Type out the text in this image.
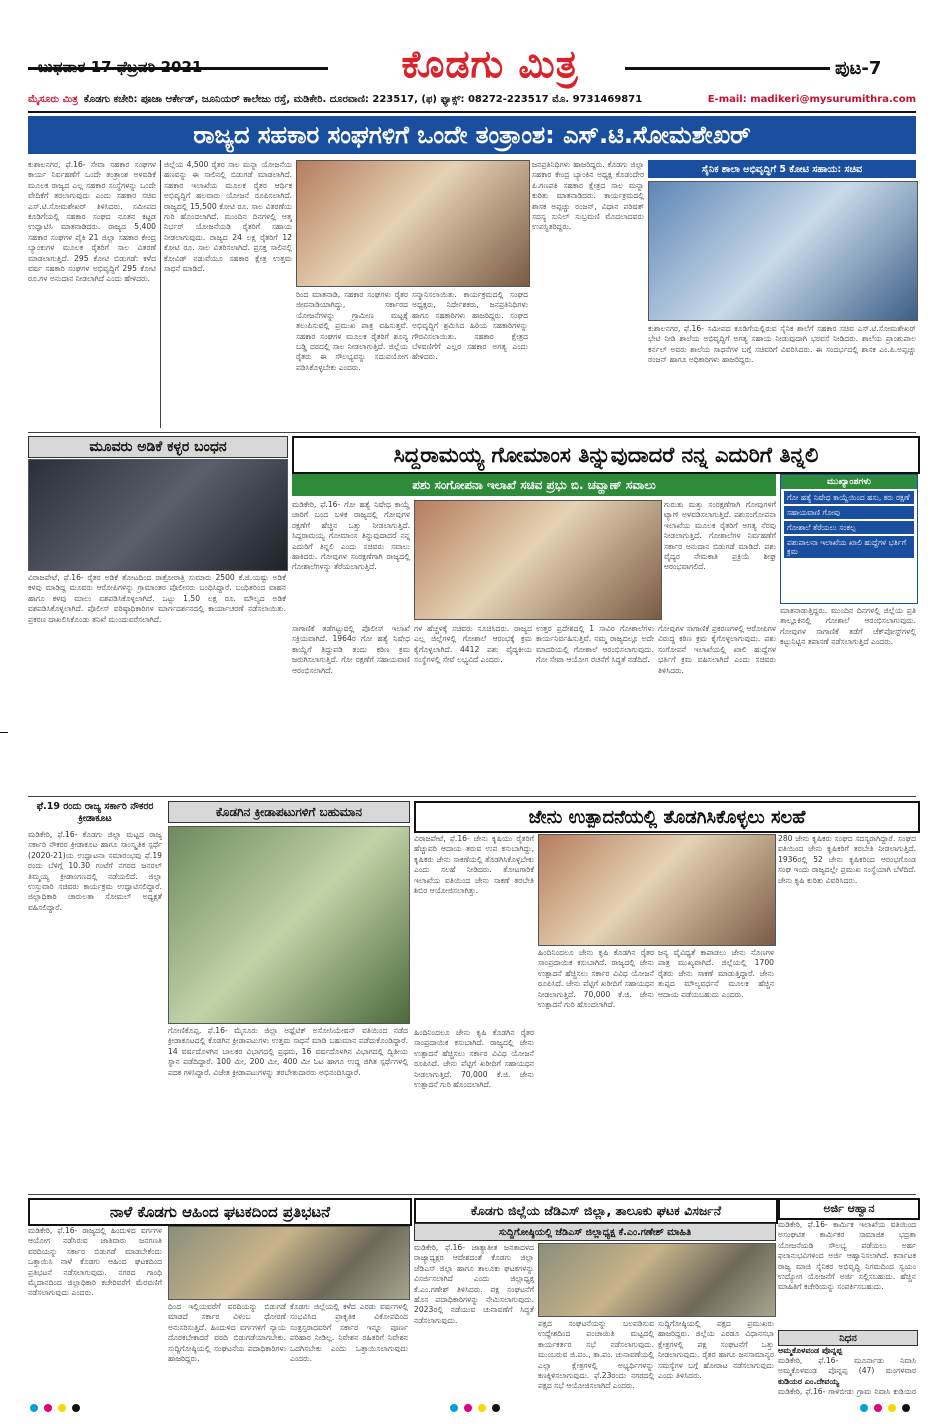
ಬುಧವಾರ 17 ಫೆಬ್ರವರಿ 2021	ಕೊಡಗು ಮಿತ್ರ	ಪುಟ-7
ಮೈಸೂರು ಮಿತ್ರ ಕೊಡಗು ಕಚೇರಿ: ಪೂಜಾ ಆರ್ಕೇಡ್, ಜೂನಿಯರ್ ಕಾಲೇಜು ರಸ್ತೆ, ಮಡಿಕೇರಿ. ದೂರವಾಣಿ: 223517, (ಫ) ಫ್ಯಾಕ್ಸ್: 08272-223517 ಮೊ. 9731469871	E-mail: madikeri@mysurumithra.com
ರಾಜ್ಯದ ಸಹಕಾರ ಸಂಘಗಳಿಗೆ ಒಂದೇ ತಂತ್ರಾಂಶ: ಎಸ್.ಟಿ.ಸೋಮಶೇಖರ್
ಕುಶಾಲನಗರ, ಫೆ.16- ಸೇವಾ ಸಹಕಾರ ಸಂಘಗಳ ಕಾರ್ಯ ನಿರ್ವಹಣೆಗೆ ಒಂದೇ ತಂತ್ರಾಂಶ ಅಳವಡಿಕೆ ಮೂಲಕ ರಾಜ್ಯದ ಎಲ್ಲ ಸಹಕಾರ ಸಂಸ್ಥೆಗಳನ್ನು ಒಂದೇ ವೇದಿಕೆಗೆ ತರಲಾಗುವುದು ಎಂದು ಸಹಕಾರ ಸಚಿವ ಎಸ್.ಟಿ.ಸೋಮಶೇಖರ್ ತಿಳಿಸಿದರು. ಸಮೀಪದ ಕೂಡಿಗೆಯಲ್ಲಿ ಸಹಕಾರ ಸಂಘದ ನೂತನ ಕಟ್ಟಡ ಉದ್ಘಾಟಿಸಿ ಮಾತನಾಡಿದರು. ರಾಜ್ಯದ 5,400 ಸಹಕಾರ ಸಂಘಗಳ ಪೈಕಿ 21 ಜಿಲ್ಲಾ ಸಹಕಾರ ಕೇಂದ್ರ ಬ್ಯಾಂಕುಗಳ ಮೂಲಕ ರೈತರಿಗೆ ಸಾಲ ವಿತರಣೆ ಮಾಡಲಾಗುತ್ತಿದೆ. 295 ಕೋಟಿ ಬಿಡುಗಡೆ: ಕಳೆದ ವರ್ಷ ಸಹಕಾರಿ ಸಂಘಗಳ ಅಭಿವೃದ್ಧಿಗೆ 295 ಕೋಟಿ ರೂ.ಗಳ ಅನುದಾನ ನೀಡಲಾಗಿದೆ ಎಂದು ಹೇಳಿದರು.
ಜಿಲ್ಲೆಯ 4,500 ರೈತರ ಸಾಲ ಮನ್ನಾ ಯೋಜನೆಯ ಹಣವನ್ನು ಈ ಸಾಲಿನಲ್ಲಿ ಬಿಡುಗಡೆ ಮಾಡಲಾಗಿದೆ. ಸಹಕಾರ ಇಲಾಖೆಯ ಮೂಲಕ ರೈತರ ಆರ್ಥಿಕ ಅಭಿವೃದ್ಧಿಗೆ ಹಲವಾರು ಯೋಜನೆ ರೂಪಿಸಲಾಗಿದೆ. ರಾಜ್ಯದಲ್ಲಿ 15,500 ಕೋಟಿ ರೂ. ಸಾಲ ವಿತರಣೆಯ ಗುರಿ ಹೊಂದಲಾಗಿದೆ. ಮುಂದಿನ ದಿನಗಳಲ್ಲಿ ಆತ್ಮ ನಿರ್ಭರ್ ಯೋಜನೆಯಡಿ ರೈತರಿಗೆ ಸಹಾಯ ನೀಡಲಾಗುವುದು. ರಾಜ್ಯದ 24 ಲಕ್ಷ ರೈತರಿಗೆ 12 ಕೋಟಿ ರೂ. ಸಾಲ ವಿತರಿಸಲಾಗಿದೆ. ಪ್ರಸಕ್ತ ಸಾಲಿನಲ್ಲಿ ಕೋವಿಡ್ ನಡುವೆಯೂ ಸಹಕಾರ ಕ್ಷೇತ್ರ ಉತ್ತಮ ಸಾಧನೆ ಮಾಡಿದೆ.
ರಿಂದ ಮಾತನಾಡಿ, ಸಹಕಾರ ಸಂಘಗಳು ರೈತರ ಜೀವನಾಡಿಯಾಗಿದ್ದು, ಸರ್ಕಾರದ ಯೋಜನೆಗಳನ್ನು ಗ್ರಾಮೀಣ ಮಟ್ಟಕ್ಕೆ ತಲುಪಿಸುವಲ್ಲಿ ಪ್ರಮುಖ ಪಾತ್ರ ವಹಿಸುತ್ತವೆ. ಸಹಕಾರ ಸಂಘಗಳ ಮೂಲಕ ರೈತರಿಗೆ ಶೂನ್ಯ ಬಡ್ಡಿ ದರದಲ್ಲಿ ಸಾಲ ನೀಡಲಾಗುತ್ತಿದೆ. ಜಿಲ್ಲೆಯ ರೈತರು ಈ ಸೌಲಭ್ಯವನ್ನು ಸದುಪಯೋಗ ಪಡಿಸಿಕೊಳ್ಳಬೇಕು ಎಂದರು.
ಸನ್ಮಾನಿಸಲಾಯಿತು. ಕಾರ್ಯಕ್ರಮದಲ್ಲಿ ಸಂಘದ ಅಧ್ಯಕ್ಷರು, ನಿರ್ದೇಶಕರು, ಜನಪ್ರತಿನಿಧಿಗಳು ಹಾಗೂ ಸಹಕಾರಿಗಳು ಹಾಜರಿದ್ದರು. ಸಂಘದ ಅಭಿವೃದ್ಧಿಗೆ ಶ್ರಮಿಸಿದ ಹಿರಿಯ ಸಹಕಾರಿಗಳನ್ನು ಗೌರವಿಸಲಾಯಿತು. ಸಹಕಾರ ಕ್ಷೇತ್ರದ ಬೆಳವಣಿಗೆಗೆ ಎಲ್ಲರ ಸಹಕಾರ ಅಗತ್ಯ ಎಂದು ಹೇಳಿದರು.
ಜನಪ್ರತಿನಿಧಿಗಳು ಹಾಜರಿದ್ದರು. ಕೊಡಗು ಜಿಲ್ಲಾ ಸಹಕಾರ ಕೇಂದ್ರ ಬ್ಯಾಂಕಿನ ಅಧ್ಯಕ್ಷ ಕೊಡಂದೇರ ಪಿ.ಗಣಪತಿ ಸಹಕಾರ ಕ್ಷೇತ್ರದ ಸಾಲ ಮನ್ನಾ ಕುರಿತು ಮಾತನಾಡಿದರು. ಕಾರ್ಯಕ್ರಮದಲ್ಲಿ ಶಾಸಕ ಅಪ್ಪಚ್ಚು ರಂಜನ್, ವಿಧಾನ ಪರಿಷತ್ ಸದಸ್ಯ ಸುನಿಲ್ ಸುಬ್ರಮಣಿ ಮೊದಲಾದವರು ಉಪಸ್ಥಿತರಿದ್ದರು.
ಸೈನಿಕ ಶಾಲಾ ಅಭಿವೃದ್ಧಿಗೆ 5 ಕೋಟಿ ಸಹಾಯ: ಸಚಿವ
ಕುಶಾಲನಗರ, ಫೆ.16- ಸಮೀಪದ ಕೂಡಿಗೆಯಲ್ಲಿರುವ ಸೈನಿಕ ಶಾಲೆಗೆ ಸಹಕಾರ ಸಚಿವ ಎಸ್.ಟಿ.ಸೋಮಶೇಖರ್ ಭೇಟಿ ನೀಡಿ ಶಾಲೆಯ ಅಭಿವೃದ್ಧಿಗೆ ಅಗತ್ಯ ಸಹಾಯ ನೀಡುವುದಾಗಿ ಭರವಸೆ ನೀಡಿದರು. ಶಾಲೆಯ ಪ್ರಾಂಶುಪಾಲ ಕರ್ನಲ್ ಅವರು ಶಾಲೆಯ ಸಾಧನೆಗಳ ಬಗ್ಗೆ ಸಚಿವರಿಗೆ ವಿವರಿಸಿದರು. ಈ ಸಂದರ್ಭದಲ್ಲಿ ಶಾಸಕ ಎಂ.ಪಿ.ಅಪ್ಪಚ್ಚು ರಂಜನ್ ಹಾಗೂ ಅಧಿಕಾರಿಗಳು ಹಾಜರಿದ್ದರು.
ಮೂವರು ಅಡಿಕೆ ಕಳ್ಳರ ಬಂಧನ
ವಿರಾಜಪೇಟೆ, ಫೆ.16- ರೈತರ ಅಡಿಕೆ ತೋಟದಿಂದ ರಾತ್ರೋರಾತ್ರಿ ಸುಮಾರು 2500 ಕೆ.ಜಿ.ಯಷ್ಟು ಅಡಿಕೆ ಕಳವು ಮಾಡಿದ್ದ ಮೂವರು ಆರೋಪಿಗಳನ್ನು ಗ್ರಾಮಾಂತರ ಪೊಲೀಸರು ಬಂಧಿಸಿದ್ದಾರೆ. ಬಂಧಿತರಿಂದ ವಾಹನ ಹಾಗೂ ಕಳವು ಮಾಲು ವಶಪಡಿಸಿಕೊಳ್ಳಲಾಗಿದೆ. ಒಟ್ಟು 1.50 ಲಕ್ಷ ರೂ. ಮೌಲ್ಯದ ಅಡಿಕೆ ವಶಪಡಿಸಿಕೊಳ್ಳಲಾಗಿದೆ. ಪೊಲೀಸ್ ವರಿಷ್ಠಾಧಿಕಾರಿಗಳ ಮಾರ್ಗದರ್ಶನದಲ್ಲಿ ಕಾರ್ಯಾಚರಣೆ ನಡೆಸಲಾಯಿತು. ಪ್ರಕರಣ ದಾಖಲಿಸಿಕೊಂಡು ತನಿಖೆ ಮುಂದುವರೆಸಲಾಗಿದೆ.
ಸಿದ್ದರಾಮಯ್ಯ ಗೋಮಾಂಸ ತಿನ್ನುವುದಾದರೆ ನನ್ನ ಎದುರಿಗೆ ತಿನ್ನಲಿ
ಪಶು ಸಂಗೋಪನಾ ಇಲಾಖೆ ಸಚಿವ ಪ್ರಭು ಬಿ. ಚವ್ಹಾಣ್ ಸವಾಲು	ಮುಖ್ಯಾಂಶಗಳು
ಗೋ ಹತ್ಯೆ ನಿಷೇಧ ಕಾಯ್ದೆಯಿಂದ ಹಸು, ಕರು ರಕ್ಷಣೆ
ಸಹಾಯವಾಣಿ ಗೋವು
ಗೋಶಾಲೆ ತೆರೆಯಲು ಸಂಕಲ್ಪ
ಪಶುಪಾಲನಾ ಇಲಾಖೆಯ ಖಾಲಿ ಹುದ್ದೆಗಳ ಭರ್ತಿಗೆ ಕ್ರಮ
ಮಡಿಕೇರಿ, ಫೆ.16- ಗೋ ಹತ್ಯೆ ನಿಷೇಧ ಕಾಯ್ದೆ ಜಾರಿಗೆ ಬಂದ ಬಳಿಕ ರಾಜ್ಯದಲ್ಲಿ ಗೋವುಗಳ ರಕ್ಷಣೆಗೆ ಹೆಚ್ಚಿನ ಒತ್ತು ನೀಡಲಾಗುತ್ತಿದೆ. ಸಿದ್ದರಾಮಯ್ಯ ಗೋಮಾಂಸ ತಿನ್ನುವುದಾದರೆ ನನ್ನ ಎದುರಿಗೆ ತಿನ್ನಲಿ ಎಂದು ಸಚಿವರು ಸವಾಲು ಹಾಕಿದರು. ಗೋವುಗಳ ಸಂರಕ್ಷಣೆಗಾಗಿ ರಾಜ್ಯದಲ್ಲಿ ಗೋಶಾಲೆಗಳನ್ನು ತೆರೆಯಲಾಗುತ್ತಿದೆ.
ಗುರುತು ಮತ್ತು ಸಂರಕ್ಷಣೆಗಾಗಿ ಗೋವುಗಳಿಗೆ ಟ್ಯಾಗ್ ಅಳವಡಿಸಲಾಗುತ್ತಿದೆ. ಪಶುಸಂಗೋಪನಾ ಇಲಾಖೆಯ ಮೂಲಕ ರೈತರಿಗೆ ಅಗತ್ಯ ನೆರವು ನೀಡಲಾಗುತ್ತಿದೆ. ಗೋಶಾಲೆಗಳ ನಿರ್ವಹಣೆಗೆ ಸರ್ಕಾರ ಅನುದಾನ ಬಿಡುಗಡೆ ಮಾಡಿದೆ. ಪಶು ವೈದ್ಯರ ನೇಮಕಾತಿ ಪ್ರಕ್ರಿಯೆ ಶೀಘ್ರ ಆರಂಭವಾಗಲಿದೆ.
ಮಾತನಾಡುತ್ತಿದ್ದರು. ಮುಂದಿನ ದಿನಗಳಲ್ಲಿ ಜಿಲ್ಲೆಯ ಪ್ರತಿ ತಾಲ್ಲೂಕಿನಲ್ಲಿ ಗೋಶಾಲೆ ಆರಂಭಿಸಲಾಗುವುದು. ಗೋವುಗಳ ಸಾಗಾಣಿಕೆ ತಡೆಗೆ ಚೆಕ್‌ಪೋಸ್ಟ್‌ಗಳಲ್ಲಿ ಕಟ್ಟುನಿಟ್ಟಿನ ತಪಾಸಣೆ ನಡೆಸಲಾಗುತ್ತಿದೆ ಎಂದರು.
ಸಾಗಾಣಿಕೆ ತಡೆಗಟ್ಟುವಲ್ಲಿ ಪೊಲೀಸ್ ಇಲಾಖೆ ಸಕ್ರಿಯವಾಗಿದೆ. 1964ರ ಗೋ ಹತ್ಯೆ ನಿಷೇಧ ಕಾಯ್ದೆಗೆ ತಿದ್ದುಪಡಿ ತಂದು ಕಠಿಣ ಕ್ರಮ ಜರುಗಿಸಲಾಗುತ್ತಿದೆ. ಗೋ ರಕ್ಷಣೆಗೆ ಸಹಾಯವಾಣಿ ಆರಂಭಿಸಲಾಗಿದೆ.
ಗಳ ಹೆಚ್ಚಳಕ್ಕೆ ಸಚಿವರು ಸೂಚಿಸಿದರು. ರಾಜ್ಯದ ಎಲ್ಲ ಜಿಲ್ಲೆಗಳಲ್ಲಿ ಗೋಶಾಲೆ ಆರಂಭಕ್ಕೆ ಕ್ರಮ ಕೈಗೊಳ್ಳಲಾಗಿದೆ. 4412 ಪಶು ವೈದ್ಯಕೀಯ ಸಂಸ್ಥೆಗಳಲ್ಲಿ ಸೇವೆ ಲಭ್ಯವಿದೆ ಎಂದರು.
ಉತ್ತರ ಪ್ರದೇಶದಲ್ಲಿ 1 ಸಾವಿರ ಗೋಶಾಲೆಗಳು ಕಾರ್ಯನಿರ್ವಹಿಸುತ್ತಿವೆ. ನಮ್ಮ ರಾಜ್ಯದಲ್ಲೂ ಅದೇ ಮಾದರಿಯಲ್ಲಿ ಗೋಶಾಲೆ ಆರಂಭಿಸಲಾಗುವುದು. ಗೋ ಸೇವಾ ಆಯೋಗ ರಚನೆಗೆ ಸಿದ್ಧತೆ ನಡೆದಿದೆ.
ಗೋವುಗಳ ಸಾಗಾಣಿಕೆ ಪ್ರಕರಣಗಳಲ್ಲಿ ಆರೋಪಿಗಳ ವಿರುದ್ಧ ಕಠಿಣ ಕ್ರಮ ಕೈಗೊಳ್ಳಲಾಗುವುದು. ಪಶು ಸಂಗೋಪನೆ ಇಲಾಖೆಯಲ್ಲಿ ಖಾಲಿ ಹುದ್ದೆಗಳ ಭರ್ತಿಗೆ ಕ್ರಮ ವಹಿಸಲಾಗಿದೆ ಎಂದು ಸಚಿವರು ತಿಳಿಸಿದರು.
ಫೆ.19 ರಂದು ರಾಜ್ಯ ಸರ್ಕಾರಿ ನೌಕರರ ಕ್ರೀಡಾಕೂಟ
ಮಡಿಕೇರಿ, ಫೆ.16- ಕೊಡಗು ಜಿಲ್ಲಾ ಮಟ್ಟದ ರಾಜ್ಯ ಸರ್ಕಾರಿ ನೌಕರರ ಕ್ರೀಡಾಕೂಟ ಹಾಗೂ ಸಾಂಸ್ಕೃತಿಕ ಸ್ಪರ್ಧೆ (2020-21)ಯ ಉದ್ಘಾಟನಾ ಸಮಾರಂಭವು ಫೆ.19 ರಂದು ಬೆಳಿಗ್ಗೆ 10.30 ಗಂಟೆಗೆ ನಗರದ ಜನರಲ್ ತಿಮ್ಮಯ್ಯ ಕ್ರೀಡಾಂಗಣದಲ್ಲಿ ನಡೆಯಲಿದೆ. ಜಿಲ್ಲಾ ಉಸ್ತುವಾರಿ ಸಚಿವರು ಕಾರ್ಯಕ್ರಮ ಉದ್ಘಾಟಿಸಲಿದ್ದಾರೆ. ಜಿಲ್ಲಾಧಿಕಾರಿ ಚಾರುಲತಾ ಸೋಮಲ್ ಅಧ್ಯಕ್ಷತೆ ವಹಿಸಲಿದ್ದಾರೆ.
ಕೊಡಗಿನ ಕ್ರೀಡಾಪಟುಗಳಿಗೆ ಬಹುಮಾನ
ಗೋಣಿಕೊಪ್ಪ, ಫೆ.16- ಮೈಸೂರು ಜಿಲ್ಲಾ ಅಥ್ಲೆಟಿಕ್ ಅಸೋಸಿಯೇಷನ್ ವತಿಯಿಂದ ನಡೆದ ಕ್ರೀಡಾಕೂಟದಲ್ಲಿ ಕೊಡಗಿನ ಕ್ರೀಡಾಪಟುಗಳು ಉತ್ತಮ ಸಾಧನೆ ಮಾಡಿ ಬಹುಮಾನ ಪಡೆದುಕೊಂಡಿದ್ದಾರೆ. 14 ವರ್ಷದೊಳಗಿನ ಬಾಲಕರ ವಿಭಾಗದಲ್ಲಿ ಪ್ರಥಮ, 16 ವರ್ಷದೊಳಗಿನ ವಿಭಾಗದಲ್ಲಿ ದ್ವಿತೀಯ ಸ್ಥಾನ ಪಡೆದಿದ್ದಾರೆ. 100 ಮೀ, 200 ಮೀ, 400 ಮೀ ಓಟ ಹಾಗೂ ಉದ್ದ ಜಿಗಿತ ಸ್ಪರ್ಧೆಗಳಲ್ಲಿ ಪದಕ ಗಳಿಸಿದ್ದಾರೆ. ವಿಜೇತ ಕ್ರೀಡಾಪಟುಗಳನ್ನು ತರಬೇತುದಾರರು ಅಭಿನಂದಿಸಿದ್ದಾರೆ.
ಜೇನು ಉತ್ಪಾದನೆಯಲ್ಲಿ ತೊಡಗಿಸಿಕೊಳ್ಳಲು ಸಲಹೆ
ವಿರಾಜಪೇಟೆ, ಫೆ.16- ಜೇನು ಕೃಷಿಯು ರೈತರಿಗೆ ಹೆಚ್ಚುವರಿ ಆದಾಯ ತರುವ ಉಪ ಕಸುಬಾಗಿದ್ದು, ಕೃಷಿಕರು ಜೇನು ಸಾಕಣೆಯಲ್ಲಿ ತೊಡಗಿಸಿಕೊಳ್ಳಬೇಕು ಎಂದು ಸಲಹೆ ನೀಡಿದರು. ತೋಟಗಾರಿಕೆ ಇಲಾಖೆಯ ವತಿಯಿಂದ ಜೇನು ಸಾಕಣೆ ತರಬೇತಿ ಶಿಬಿರ ಆಯೋಜಿಸಲಾಗಿತ್ತು.
ಹಿಂದಿನಿಂದಲೂ ಜೇನು ಕೃಷಿ ಕೊಡಗಿನ ರೈತರ ಸಾಂಪ್ರದಾಯಿಕ ಕಸುಬಾಗಿದೆ. ರಾಜ್ಯದಲ್ಲಿ ಜೇನು ಉತ್ಪಾದನೆ ಹೆಚ್ಚಿಸಲು ಸರ್ಕಾರ ವಿವಿಧ ಯೋಜನೆ ರೂಪಿಸಿದೆ. ಜೇನು ಪೆಟ್ಟಿಗೆ ಖರೀದಿಗೆ ಸಹಾಯಧನ ನೀಡಲಾಗುತ್ತಿದೆ. 70,000 ಕೆ.ಜಿ. ಜೇನು ಉತ್ಪಾದನೆ ಗುರಿ ಹೊಂದಲಾಗಿದೆ.
ಜನ್ಯ ವೈವಿಧ್ಯತೆ ಕಾಪಾಡಲು ಜೇನು ನೊಣಗಳ ಪಾತ್ರ ಮುಖ್ಯವಾಗಿದೆ. ಜಿಲ್ಲೆಯಲ್ಲಿ 1700 ರೈತರು ಜೇನು ಸಾಕಣೆ ಮಾಡುತ್ತಿದ್ದಾರೆ. ಜೇನು ತುಪ್ಪದ ಮೌಲ್ಯವರ್ಧನೆ ಮೂಲಕ ಹೆಚ್ಚಿನ ಆದಾಯ ಪಡೆಯಬಹುದು ಎಂದರು.
ಹಿಂದಿನಿಂದಲೂ ಜೇನು ಕೃಷಿ ಕೊಡಗಿನ ರೈತರ ಸಾಂಪ್ರದಾಯಿಕ ಕಸುಬಾಗಿದೆ. ರಾಜ್ಯದಲ್ಲಿ ಜೇನು ಉತ್ಪಾದನೆ ಹೆಚ್ಚಿಸಲು ಸರ್ಕಾರ ವಿವಿಧ ಯೋಜನೆ ರೂಪಿಸಿದೆ. ಜೇನು ಪೆಟ್ಟಿಗೆ ಖರೀದಿಗೆ ಸಹಾಯಧನ ನೀಡಲಾಗುತ್ತಿದೆ. 70,000 ಕೆ.ಜಿ. ಜೇನು ಉತ್ಪಾದನೆ ಗುರಿ ಹೊಂದಲಾಗಿದೆ.
280 ಜೇನು ಕೃಷಿಕರು ಸಂಘದ ಸದಸ್ಯರಾಗಿದ್ದಾರೆ. ಸಂಘದ ವತಿಯಿಂದ ಜೇನು ಕೃಷಿಕರಿಗೆ ತರಬೇತಿ ನೀಡಲಾಗುತ್ತಿದೆ. 1936ರಲ್ಲಿ 52 ಜೇನು ಕೃಷಿಕರಿಂದ ಆರಂಭಗೊಂಡ ಸಂಘ ಇಂದು ರಾಜ್ಯದಲ್ಲೇ ಪ್ರಮುಖ ಸಂಸ್ಥೆಯಾಗಿ ಬೆಳೆದಿದೆ. ಜೇನು ಕೃಷಿ ಕುರಿತು ವಿವರಿಸಿದರು.
ನಾಳೆ ಕೊಡಗು ಆಹಿಂದ ಘಟಕದಿಂದ ಪ್ರತಿಭಟನೆ
ಮಡಿಕೇರಿ, ಫೆ.16- ರಾಜ್ಯದಲ್ಲಿ ಹಿಂದುಳಿದ ವರ್ಗಗಳ ಆಯೋಗ ನಡೆಸಿರುವ ಜಾತಿವಾರು ಜನಗಣತಿ ವರದಿಯನ್ನು ಸರ್ಕಾರ ಬಿಡುಗಡೆ ಮಾಡಬೇಕೆಂದು ಒತ್ತಾಯಿಸಿ ನಾಳೆ ಕೊಡಗು ಆಹಿಂದ ಘಟಕದಿಂದ ಪ್ರತಿಭಟನೆ ನಡೆಸಲಾಗುವುದು. ನಗರದ ಗಾಂಧಿ ಮೈದಾನದಿಂದ ಜಿಲ್ಲಾಧಿಕಾರಿ ಕಚೇರಿವರೆಗೆ ಮೆರವಣಿಗೆ ನಡೆಸಲಾಗುವುದು ಎಂದರು.
ದಿಂದ ಇಲ್ಲಿಯವರೆಗೆ ವರದಿಯನ್ನು ಬಿಡುಗಡೆ ಮಾಡದೆ ಸರ್ಕಾರ ವಿಳಂಬ ಧೋರಣೆ ಅನುಸರಿಸುತ್ತಿದೆ. ಹಿಂದುಳಿದ ವರ್ಗಗಳಿಗೆ ನ್ಯಾಯ ದೊರಕಬೇಕಾದರೆ ವರದಿ ಬಿಡುಗಡೆಯಾಗಬೇಕು. ಸುದ್ದಿಗೋಷ್ಠಿಯಲ್ಲಿ ಸಂಘಟನೆಯ ಪದಾಧಿಕಾರಿಗಳು ಹಾಜರಿದ್ದರು.
ಕೊಡಗು ಜಿಲ್ಲೆಯಲ್ಲಿ ಕಳೆದ ಎರಡು ವರ್ಷಗಳಲ್ಲಿ ಸಂಭವಿಸಿದ ಪ್ರಾಕೃತಿಕ ವಿಕೋಪದಿಂದ ಸಂತ್ರಸ್ತರಾದವರಿಗೆ ಸರ್ಕಾರ ಇನ್ನೂ ಪೂರ್ಣ ಪರಿಹಾರ ನೀಡಿಲ್ಲ. ನಿವೇಶನ ರಹಿತರಿಗೆ ನಿವೇಶನ ಒದಗಿಸಬೇಕು ಎಂದು ಒತ್ತಾಯಿಸಲಾಗುವುದು ಎಂದರು.
ಕೊಡಗು ಜಿಲ್ಲೆಯ ಜೆಡಿಎಸ್ ಜಿಲ್ಲಾ, ತಾಲೂಕು ಘಟಕ ವಿಸರ್ಜನೆ
ಸುದ್ದಿಗೋಷ್ಠಿಯಲ್ಲಿ ಜೆಡಿಎಸ್ ಜಿಲ್ಲಾಧ್ಯಕ್ಷ ಕೆ.ಎಂ.ಗಣೇಶ್ ಮಾಹಿತಿ
ಮಡಿಕೇರಿ, ಫೆ.16- ಜಾತ್ಯಾತೀತ ಜನತಾದಳದ ರಾಜ್ಯಾಧ್ಯಕ್ಷರ ಆದೇಶದಂತೆ ಕೊಡಗು ಜಿಲ್ಲಾ ಜೆಡಿಎಸ್ ಜಿಲ್ಲಾ ಹಾಗೂ ತಾಲೂಕು ಘಟಕಗಳನ್ನು ವಿಸರ್ಜಿಸಲಾಗಿದೆ ಎಂದು ಜಿಲ್ಲಾಧ್ಯಕ್ಷ ಕೆ.ಎಂ.ಗಣೇಶ್ ತಿಳಿಸಿದರು. ಪಕ್ಷ ಸಂಘಟನೆಗೆ ಹೊಸ ಪದಾಧಿಕಾರಿಗಳನ್ನು ನೇಮಿಸಲಾಗುವುದು. 2023ರಲ್ಲಿ ನಡೆಯುವ ಚುನಾವಣೆಗೆ ಸಿದ್ಧತೆ ನಡೆಸಲಾಗುವುದು.	ಪಕ್ಷದ ಸಂಘಟನೆಯನ್ನು ಬಲಪಡಿಸುವ ಉದ್ದೇಶದಿಂದ ಪಂಚಾಯಿತಿ ಮಟ್ಟದಲ್ಲಿ ಕಾರ್ಯಕರ್ತರ ಸಭೆ ನಡೆಸಲಾಗುವುದು. ಮುಂಬರುವ ಜಿ.ಪಂ., ತಾ.ಪಂ. ಚುನಾವಣೆಯಲ್ಲಿ ಎಲ್ಲಾ ಕ್ಷೇತ್ರಗಳಲ್ಲಿ ಅಭ್ಯರ್ಥಿಗಳನ್ನು ಕಣಕ್ಕಿಳಿಸಲಾಗುವುದು. ಫೆ.23ರಂದು ನಗರದಲ್ಲಿ ಪಕ್ಷದ ಸಭೆ ಆಯೋಜಿಸಲಾಗಿದೆ ಎಂದರು.
ಸುದ್ದಿಗೋಷ್ಠಿಯಲ್ಲಿ ಪಕ್ಷದ ಪ್ರಮುಖರು ಹಾಜರಿದ್ದರು. ಜಿಲ್ಲೆಯ ಎರಡೂ ವಿಧಾನಸಭಾ ಕ್ಷೇತ್ರಗಳಲ್ಲಿ ಪಕ್ಷ ಸಂಘಟನೆಗೆ ಒತ್ತು ನೀಡಲಾಗುವುದು. ರೈತರ ಹಾಗೂ ಜನಸಾಮಾನ್ಯರ ಸಮಸ್ಯೆಗಳ ಬಗ್ಗೆ ಹೋರಾಟ ನಡೆಸಲಾಗುವುದು ಎಂದು ತಿಳಿಸಿದರು.
ಅರ್ಜಿ ಆಹ್ವಾನ
ಮಡಿಕೇರಿ, ಫೆ.16- ಕಾರ್ಮಿಕ ಇಲಾಖೆಯ ವತಿಯಿಂದ ಅಸಂಘಟಿತ ಕಾರ್ಮಿಕರ ಸಾಮಾಜಿಕ ಭದ್ರತಾ ಯೋಜನೆಯಡಿ ಸೌಲಭ್ಯ ಪಡೆಯಲು ಅರ್ಹ ಫಲಾನುಭವಿಗಳಿಂದ ಅರ್ಜಿ ಆಹ್ವಾನಿಸಲಾಗಿದೆ. ಕರ್ನಾಟಕ ರಾಜ್ಯ ಮಾಜಿ ಸೈನಿಕರ ಅಭಿವೃದ್ಧಿ ನಿಗಮದಿಂದ ಸ್ವಯಂ ಉದ್ಯೋಗ ಯೋಜನೆಗೆ ಅರ್ಜಿ ಸಲ್ಲಿಸಬಹುದು. ಹೆಚ್ಚಿನ ಮಾಹಿತಿಗೆ ಕಚೇರಿಯನ್ನು ಸಂಪರ್ಕಿಸಬಹುದು.
ನಿಧನ
ಅಮ್ಮಕೊಳವಂಡ ಪೊನ್ನಪ್ಪ
ಮಡಿಕೇರಿ, ಫೆ.16- ಮೂರ್ನಾಡು ನಿವಾಸಿ ಅಮ್ಮಕೊಳವಂಡ ಪೊನ್ನಪ್ಪ (47) ಮಂಗಳವಾರ
ಕುಡಿಯರ ಎಂ.ದೇವಯ್ಯ
ಮಡಿಕೇರಿ, ಫೆ.16- ಗಾಳಿಬೀಡು ಗ್ರಾಮ ನಿವಾಸಿ ಕುಡಿಯರ
